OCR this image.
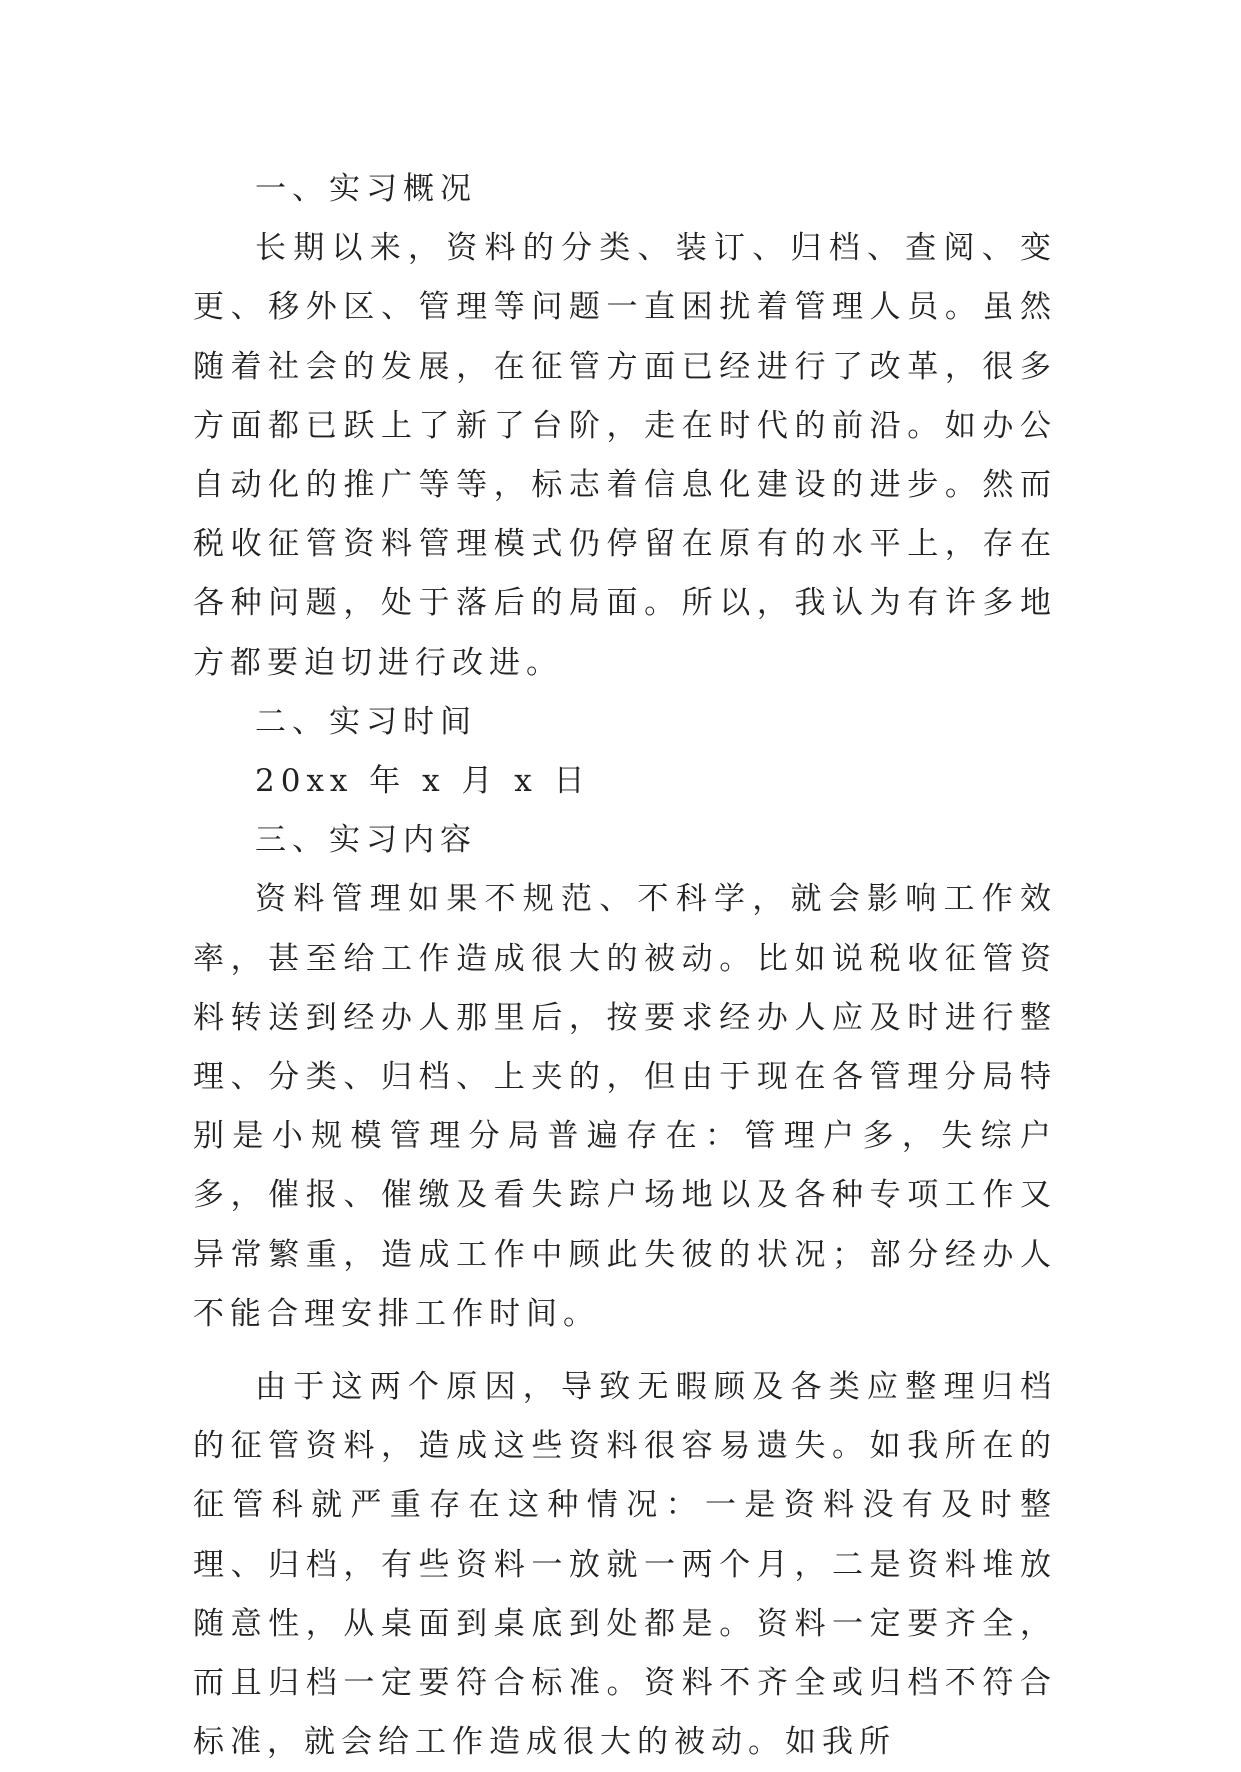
一、实习概况

长期以来，资料的分类、装订、归档、查阅、变更、移外区、管理等问题一直困扰着管理人员。虽然随着社会的发展，在征管方面已经进行了改革，很多方面都已跃上了新了台阶，走在时代的前沿。如办公自动化的推广等等，标志着信息化建设的进步。然而税收征管资料管理模式仍停留在原有的水平上，存在各种问题，处于落后的局面。所以，我认为有许多地方都要迫切进行改进。

二、实习时间

20xx 年 x 月 x 日

三、实习内容

资料管理如果不规范、不科学，就会影响工作效率，甚至给工作造成很大的被动。比如说税收征管资料转送到经办人那里后，按要求经办人应及时进行整理、分类、归档、上夹的，但由于现在各管理分局特别是小规模管理分局普遍存在：管理户多，失综户多，催报、催缴及看失踪户场地以及各种专项工作又异常繁重，造成工作中顾此失彼的状况；部分经办人不能合理安排工作时间。

由于这两个原因，导致无暇顾及各类应整理归档的征管资料，造成这些资料很容易遗失。如我所在的征管科就严重存在这种情况：一是资料没有及时整理、归档，有些资料一放就一两个月，二是资料堆放随意性，从桌面到桌底到处都是。资料一定要齐全，而且归档一定要符合标准。资料不齐全或归档不符合标准，就会给工作造成很大的被动。如我所
